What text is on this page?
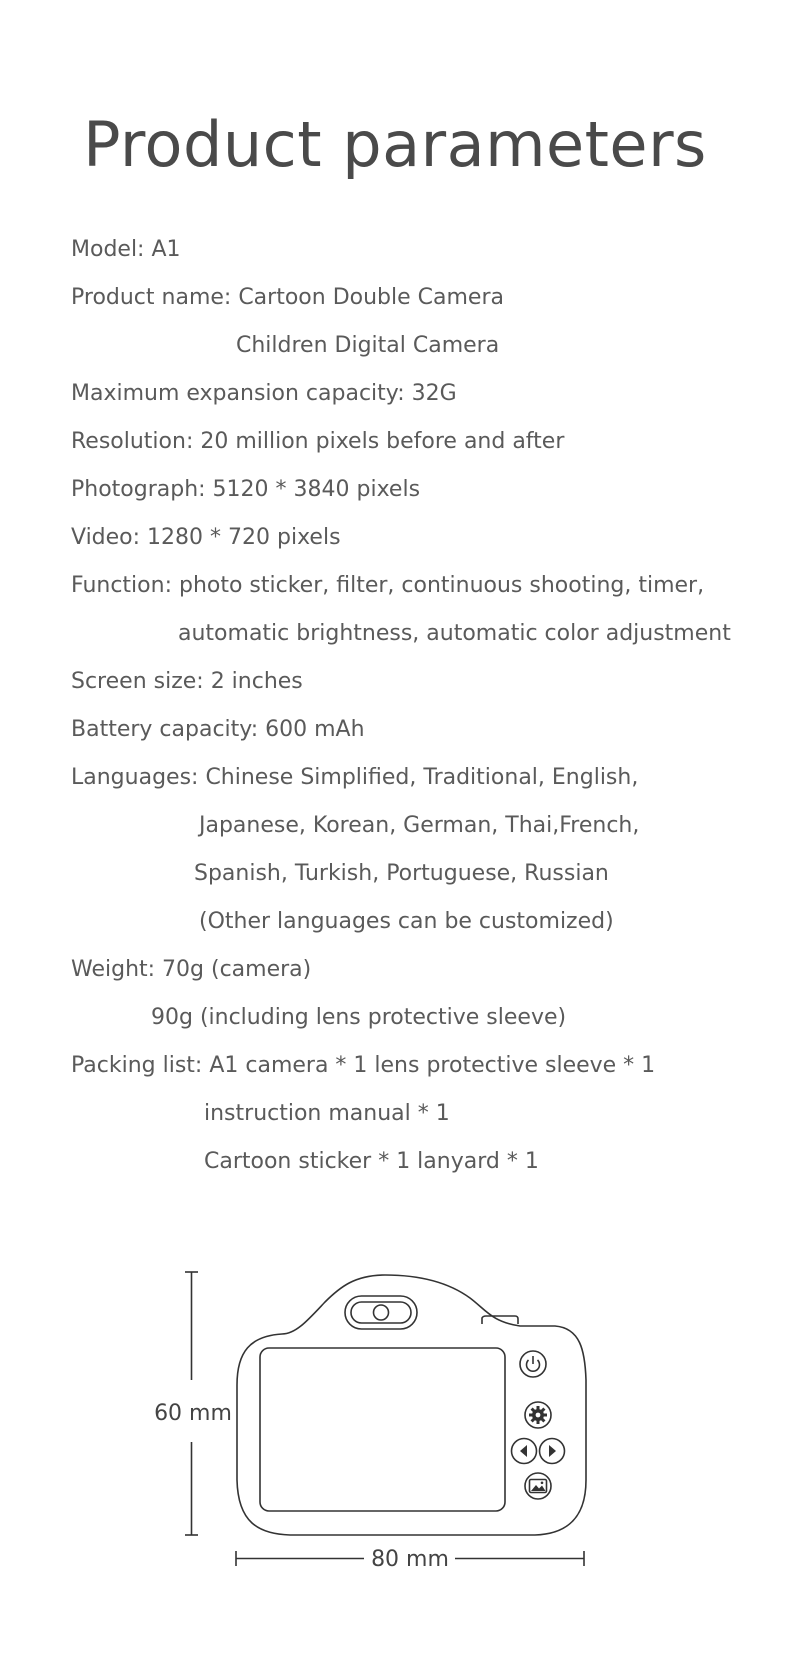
Product parameters
Model: A1
Product name: Cartoon Double Camera
Children Digital Camera
Maximum expansion capacity: 32G
Resolution: 20 million pixels before and after
Photograph: 5120 * 3840 pixels
Video: 1280 * 720 pixels
Function: photo sticker, filter, continuous shooting, timer,
automatic brightness, automatic color adjustment
Screen size: 2 inches
Battery capacity: 600 mAh
Languages: Chinese Simplified, Traditional, English,
Japanese, Korean, German, Thai,French,
Spanish, Turkish, Portuguese, Russian
(Other languages can be customized)
Weight: 70g (camera)
90g (including lens protective sleeve)
Packing list: A1 camera * 1 lens protective sleeve * 1
instruction manual * 1
Cartoon sticker * 1 lanyard * 1
60 mm
80 mm
